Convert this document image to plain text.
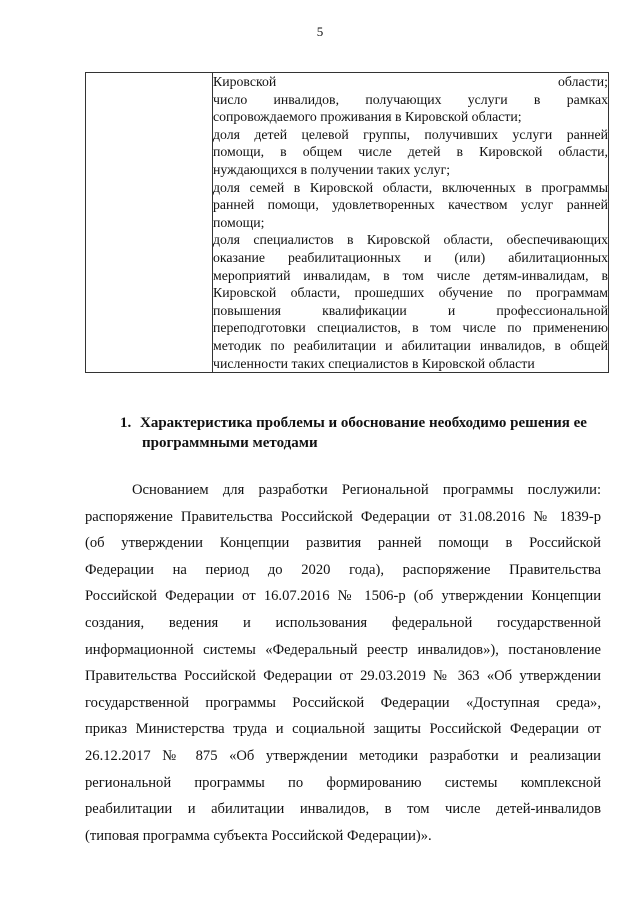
5

Кировской области;
число инвалидов, получающих услуги в рамках
сопровождаемого проживания в Кировской области;
доля детей целевой группы, получивших услуги ранней
помощи, в общем числе детей в Кировской области,
нуждающихся в получении таких услуг;
доля семей в Кировской области, включенных в программы
ранней помощи, удовлетворенных качеством услуг ранней
помощи;
доля специалистов в Кировской области, обеспечивающих
оказание реабилитационных и (или) абилитационных
мероприятий инвалидам, в том числе детям-инвалидам, в
Кировской области, прошедших обучение по программам
повышения квалификации и профессиональной
переподготовки специалистов, в том числе по применению
методик по реабилитации и абилитации инвалидов, в общей
численности таких специалистов в Кировской области
1. Характеристика проблемы и обоснование необходимо решения ее
программными методами
Основанием для разработки Региональной программы послужили:
распоряжение Правительства Российской Федерации от 31.08.2016 № 1839-р
(об утверждении Концепции развития ранней помощи в Российской
Федерации на период до 2020 года), распоряжение Правительства
Российской Федерации от 16.07.2016 № 1506-р (об утверждении Концепции
создания, ведения и использования федеральной государственной
информационной системы «Федеральный реестр инвалидов»), постановление
Правительства Российской Федерации от 29.03.2019 № 363 «Об утверждении
государственной программы Российской Федерации «Доступная среда»,
приказ Министерства труда и социальной защиты Российской Федерации от
26.12.2017 № 875 «Об утверждении методики разработки и реализации
региональной программы по формированию системы комплексной
реабилитации и абилитации инвалидов, в том числе детей-инвалидов
(типовая программа субъекта Российской Федерации)».
